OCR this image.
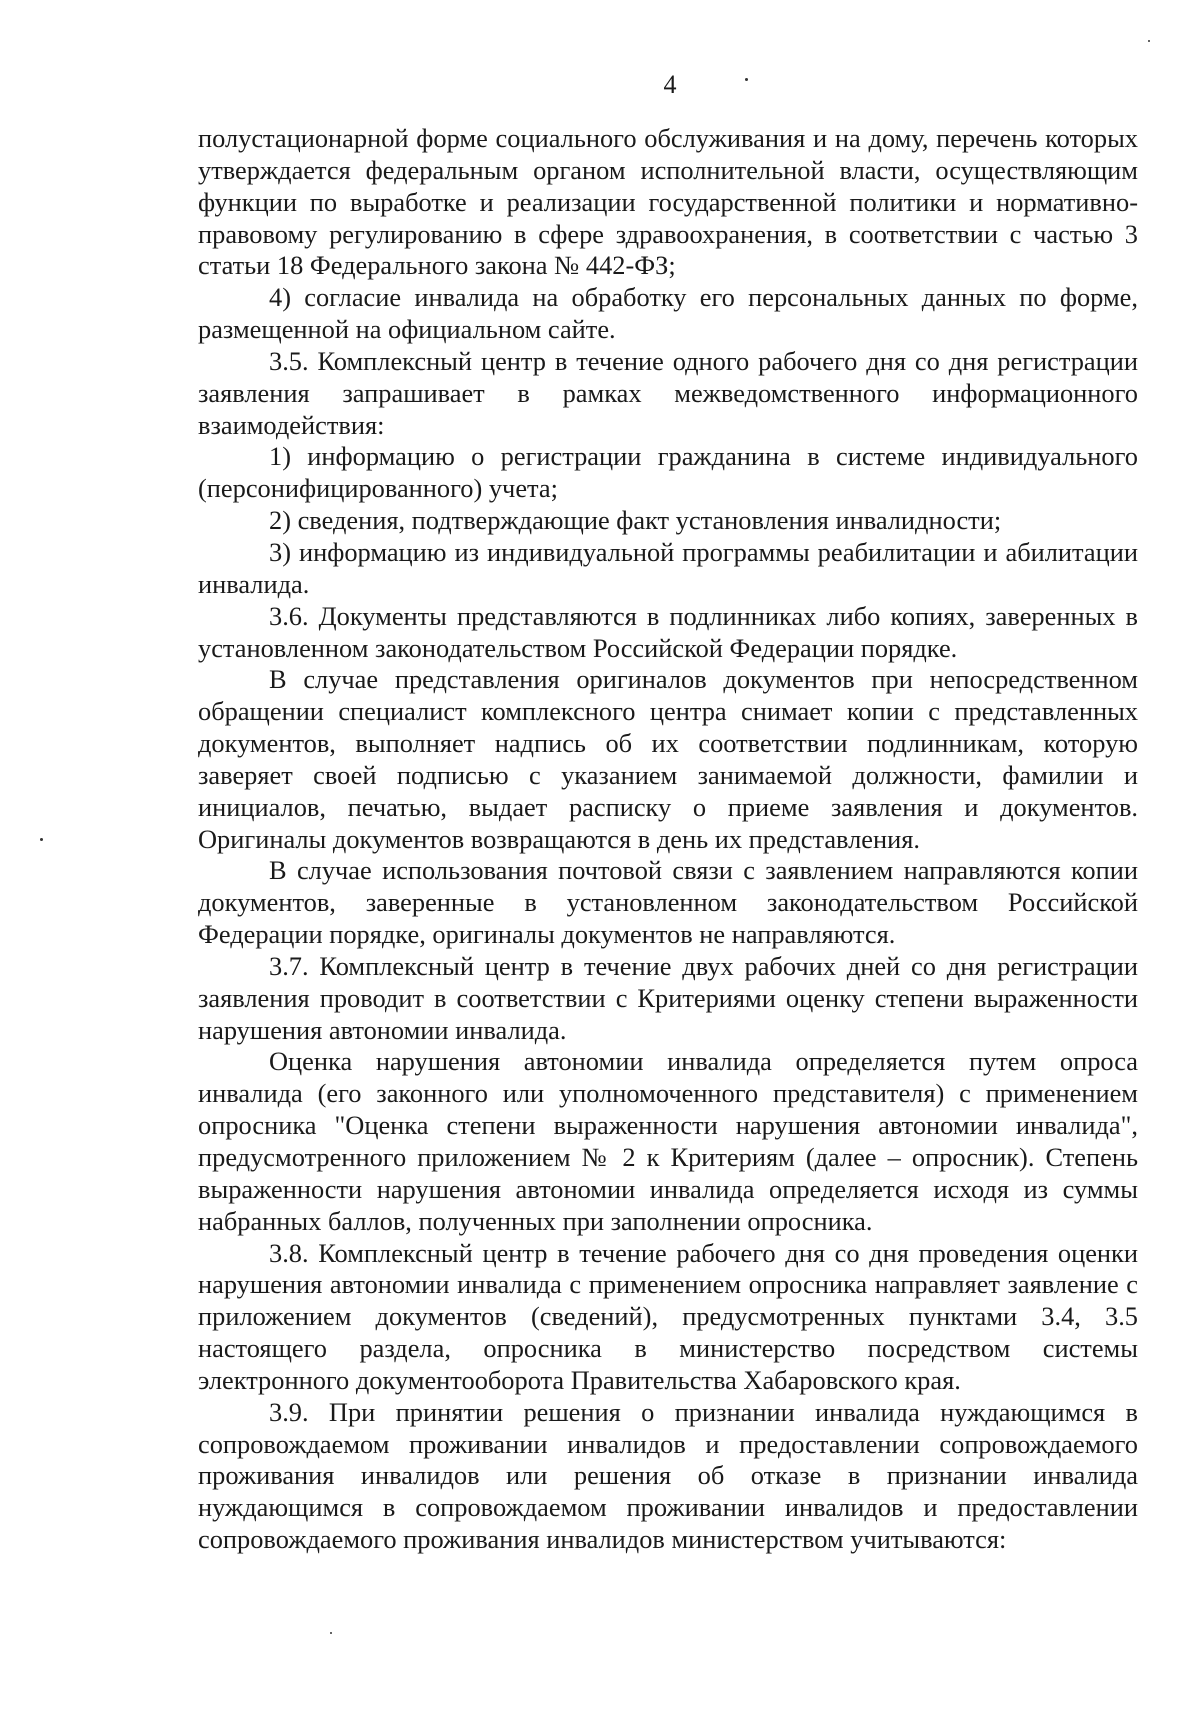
4

полустационарной форме социального обслуживания и на дому, перечень которых утверждается федеральным органом исполнительной власти, осуществляющим функции по выработке и реализации государственной политики и нормативно-правовому регулированию в сфере здравоохранения, в соответствии с частью 3 статьи 18 Федерального закона № 442-ФЗ;

4) согласие инвалида на обработку его персональных данных по форме, размещенной на официальном сайте.

3.5. Комплексный центр в течение одного рабочего дня со дня регистрации заявления запрашивает в рамках межведомственного информационного взаимодействия:

1) информацию о регистрации гражданина в системе индивидуального (персонифицированного) учета;

2) сведения, подтверждающие факт установления инвалидности;

3) информацию из индивидуальной программы реабилитации и абилитации инвалида.

3.6. Документы представляются в подлинниках либо копиях, заверенных в установленном законодательством Российской Федерации порядке.

В случае представления оригиналов документов при непосредственном обращении специалист комплексного центра снимает копии с представленных документов, выполняет надпись об их соответствии подлинникам, которую заверяет своей подписью с указанием занимаемой должности, фамилии и инициалов, печатью, выдает расписку о приеме заявления и документов. Оригиналы документов возвращаются в день их представления.

В случае использования почтовой связи с заявлением направляются копии документов, заверенные в установленном законодательством Российской Федерации порядке, оригиналы документов не направляются.

3.7. Комплексный центр в течение двух рабочих дней со дня регистрации заявления проводит в соответствии с Критериями оценку степени выраженности нарушения автономии инвалида.

Оценка нарушения автономии инвалида определяется путем опроса инвалида (его законного или уполномоченного представителя) с применением опросника "Оценка степени выраженности нарушения автономии инвалида", предусмотренного приложением № 2 к Критериям (далее – опросник). Степень выраженности нарушения автономии инвалида определяется исходя из суммы набранных баллов, полученных при заполнении опросника.

3.8. Комплексный центр в течение рабочего дня со дня проведения оценки нарушения автономии инвалида с применением опросника направляет заявление с приложением документов (сведений), предусмотренных пунктами 3.4, 3.5 настоящего раздела, опросника в министерство посредством системы электронного документооборота Правительства Хабаровского края.

3.9. При принятии решения о признании инвалида нуждающимся в сопровождаемом проживании инвалидов и предоставлении сопровождаемого проживания инвалидов или решения об отказе в признании инвалида нуждающимся в сопровождаемом проживании инвалидов и предоставлении сопровождаемого проживания инвалидов министерством учитываются:
